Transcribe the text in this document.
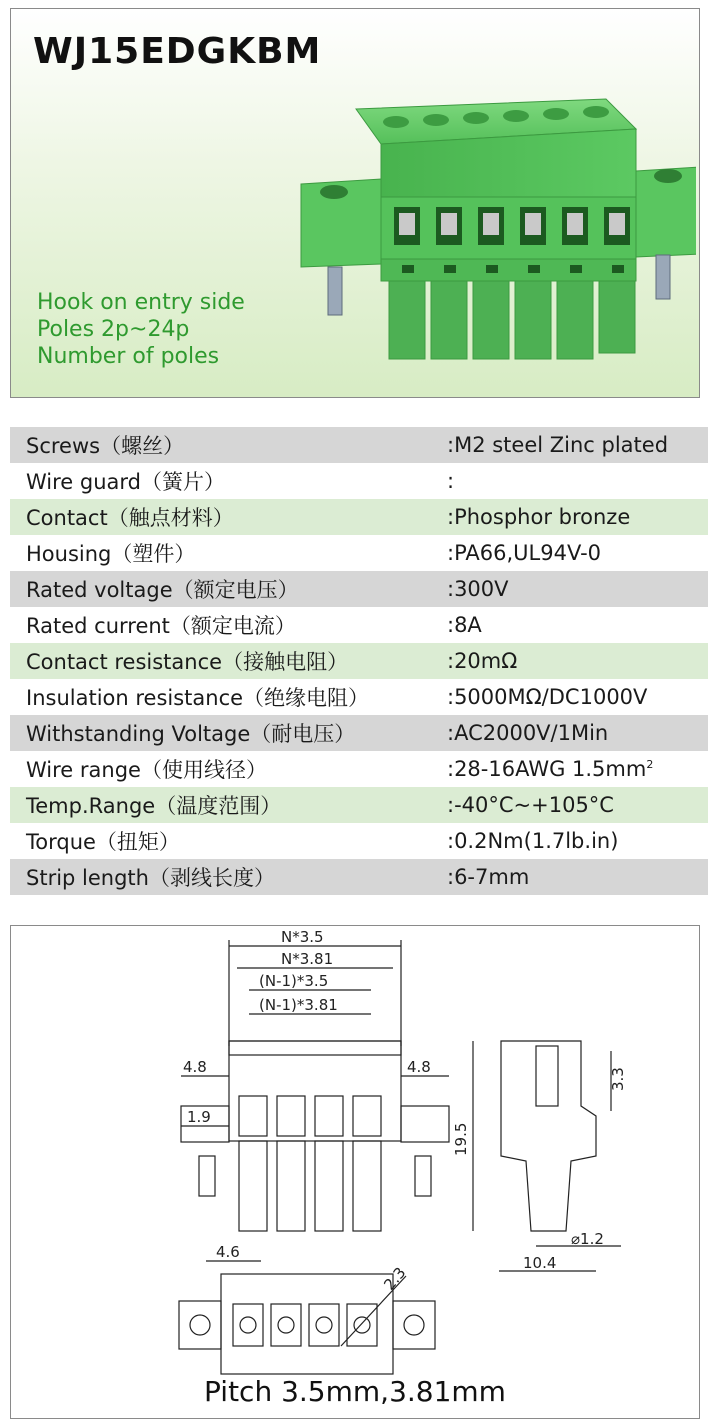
WJ15EDGKBM
Hook on entry side
Poles 2p~24p
Number of poles
Screws（螺丝）	:M2 steel Zinc plated
Wire guard（簧片）	:
Contact（触点材料）	:Phosphor bronze
Housing（塑件）	:PA66,UL94V-0
Rated voltage（额定电压）	:300V
Rated current（额定电流）	:8A
Contact resistance（接触电阻）	:20mΩ
Insulation resistance（绝缘电阻）	:5000MΩ/DC1000V
Withstanding Voltage（耐电压）	:AC2000V/1Min
Wire range（使用线径）	:28-16AWG $1.5mm^2$
Temp.Range（温度范围）	:-40°C~+105°C
Torque（扭矩）	:0.2Nm(1.7lb.in)
Strip length（剥线长度）	:6-7mm
N*3.5
N*3.81
(N-1)*3.5
(N-1)*3.81
4.8	4.8
1.9
19.5
3.3
⌀1.2
10.4
4.6
2.3
Pitch 3.5mm,3.81mm
